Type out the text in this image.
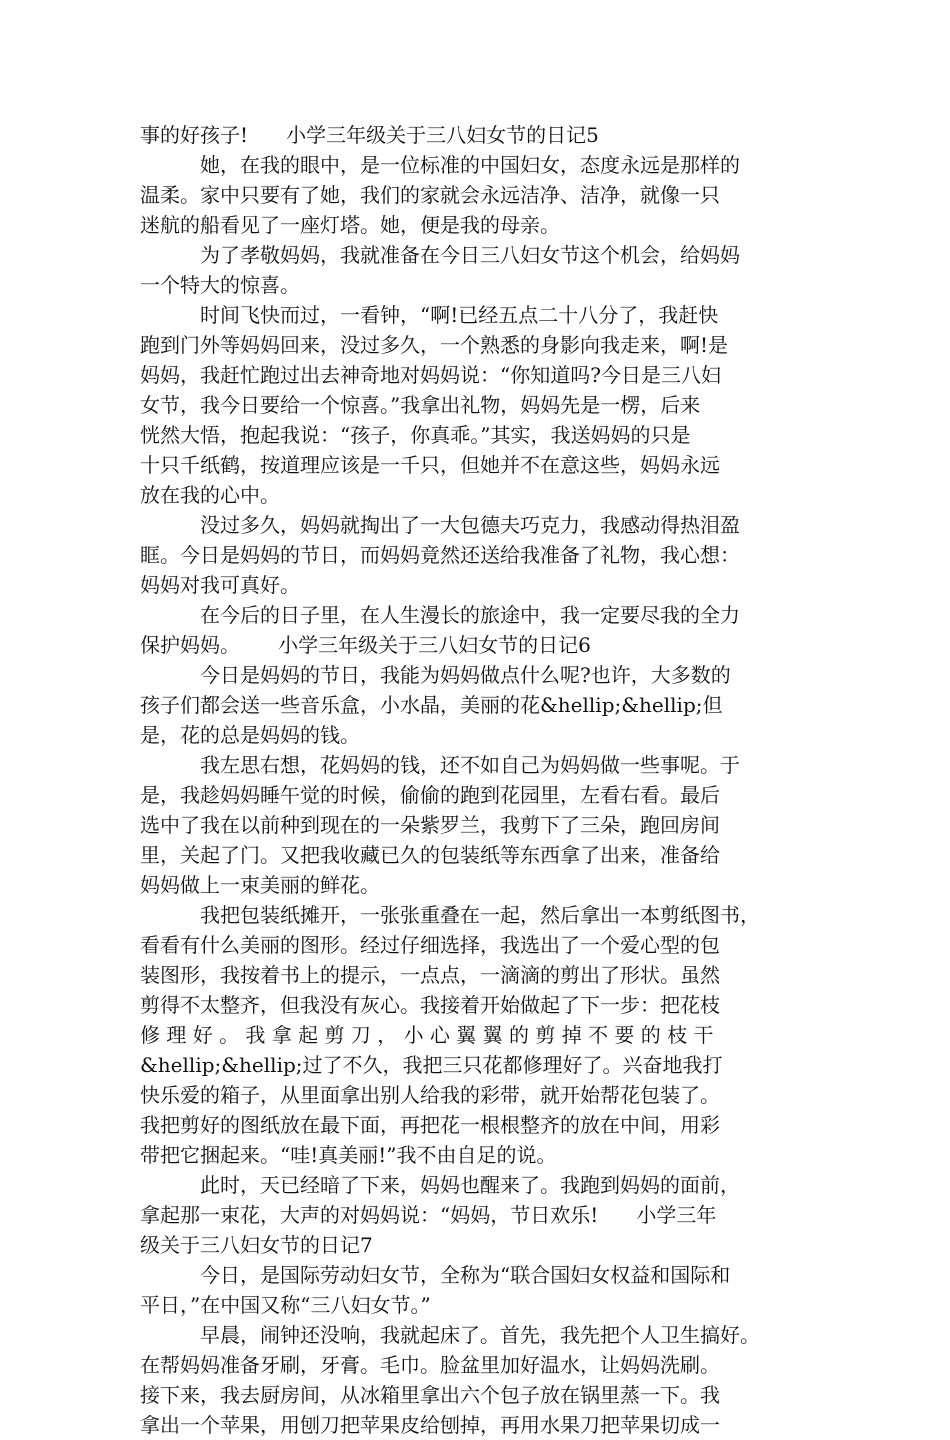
事的好孩子!      小学三年级关于三八妇女节的日记5
她，在我的眼中，是一位标准的中国妇女，态度永远是那样的
温柔。家中只要有了她，我们的家就会永远洁净、洁净，就像一只
迷航的船看见了一座灯塔。她，便是我的母亲。
为了孝敬妈妈，我就准备在今日三八妇女节这个机会，给妈妈
一个特大的惊喜。
时间飞快而过，一看钟，“啊!已经五点二十八分了，我赶快
跑到门外等妈妈回来，没过多久，一个熟悉的身影向我走来，啊!是
妈妈，我赶忙跑过出去神奇地对妈妈说：“你知道吗?今日是三八妇
女节，我今日要给一个惊喜。”我拿出礼物，妈妈先是一楞，后来
恍然大悟，抱起我说：“孩子，你真乖。”其实，我送妈妈的只是
十只千纸鹤，按道理应该是一千只，但她并不在意这些，妈妈永远
放在我的心中。
没过多久，妈妈就掏出了一大包德夫巧克力，我感动得热泪盈
眶。今日是妈妈的节日，而妈妈竟然还送给我准备了礼物，我心想：
妈妈对我可真好。
在今后的日子里，在人生漫长的旅途中，我一定要尽我的全力
保护妈妈。      小学三年级关于三八妇女节的日记6
今日是妈妈的节日，我能为妈妈做点什么呢?也许，大多数的
孩子们都会送一些音乐盒，小水晶，美丽的花&hellip;&hellip;但
是，花的总是妈妈的钱。
我左思右想，花妈妈的钱，还不如自己为妈妈做一些事呢。于
是，我趁妈妈睡午觉的时候，偷偷的跑到花园里，左看右看。最后
选中了我在以前种到现在的一朵紫罗兰，我剪下了三朵，跑回房间
里，关起了门。又把我收藏已久的包装纸等东西拿了出来，准备给
妈妈做上一束美丽的鲜花。
我把包装纸摊开，一张张重叠在一起，然后拿出一本剪纸图书，
看看有什么美丽的图形。经过仔细选择，我选出了一个爱心型的包
装图形，我按着书上的提示，一点点，一滴滴的剪出了形状。虽然
剪得不太整齐，但我没有灰心。我接着开始做起了下一步：把花枝
修 理 好 。 我 拿 起 剪 刀 ， 小 心 翼 翼 的 剪 掉 不 要 的 枝 干
&hellip;&hellip;过了不久，我把三只花都修理好了。兴奋地我打
快乐爱的箱子，从里面拿出别人给我的彩带，就开始帮花包装了。
我把剪好的图纸放在最下面，再把花一根根整齐的放在中间，用彩
带把它捆起来。“哇!真美丽!”我不由自足的说。
此时，天已经暗了下来，妈妈也醒来了。我跑到妈妈的面前，
拿起那一束花，大声的对妈妈说：“妈妈，节日欢乐!      小学三年
级关于三八妇女节的日记7
今日，是国际劳动妇女节，全称为“联合国妇女权益和国际和
平日，”在中国又称“三八妇女节。”
早晨，闹钟还没响，我就起床了。首先，我先把个人卫生搞好。
在帮妈妈准备牙刷，牙膏。毛巾。脸盆里加好温水，让妈妈洗刷。
接下来，我去厨房间，从冰箱里拿出六个包子放在锅里蒸一下。我
拿出一个苹果，用刨刀把苹果皮给刨掉，再用水果刀把苹果切成一
